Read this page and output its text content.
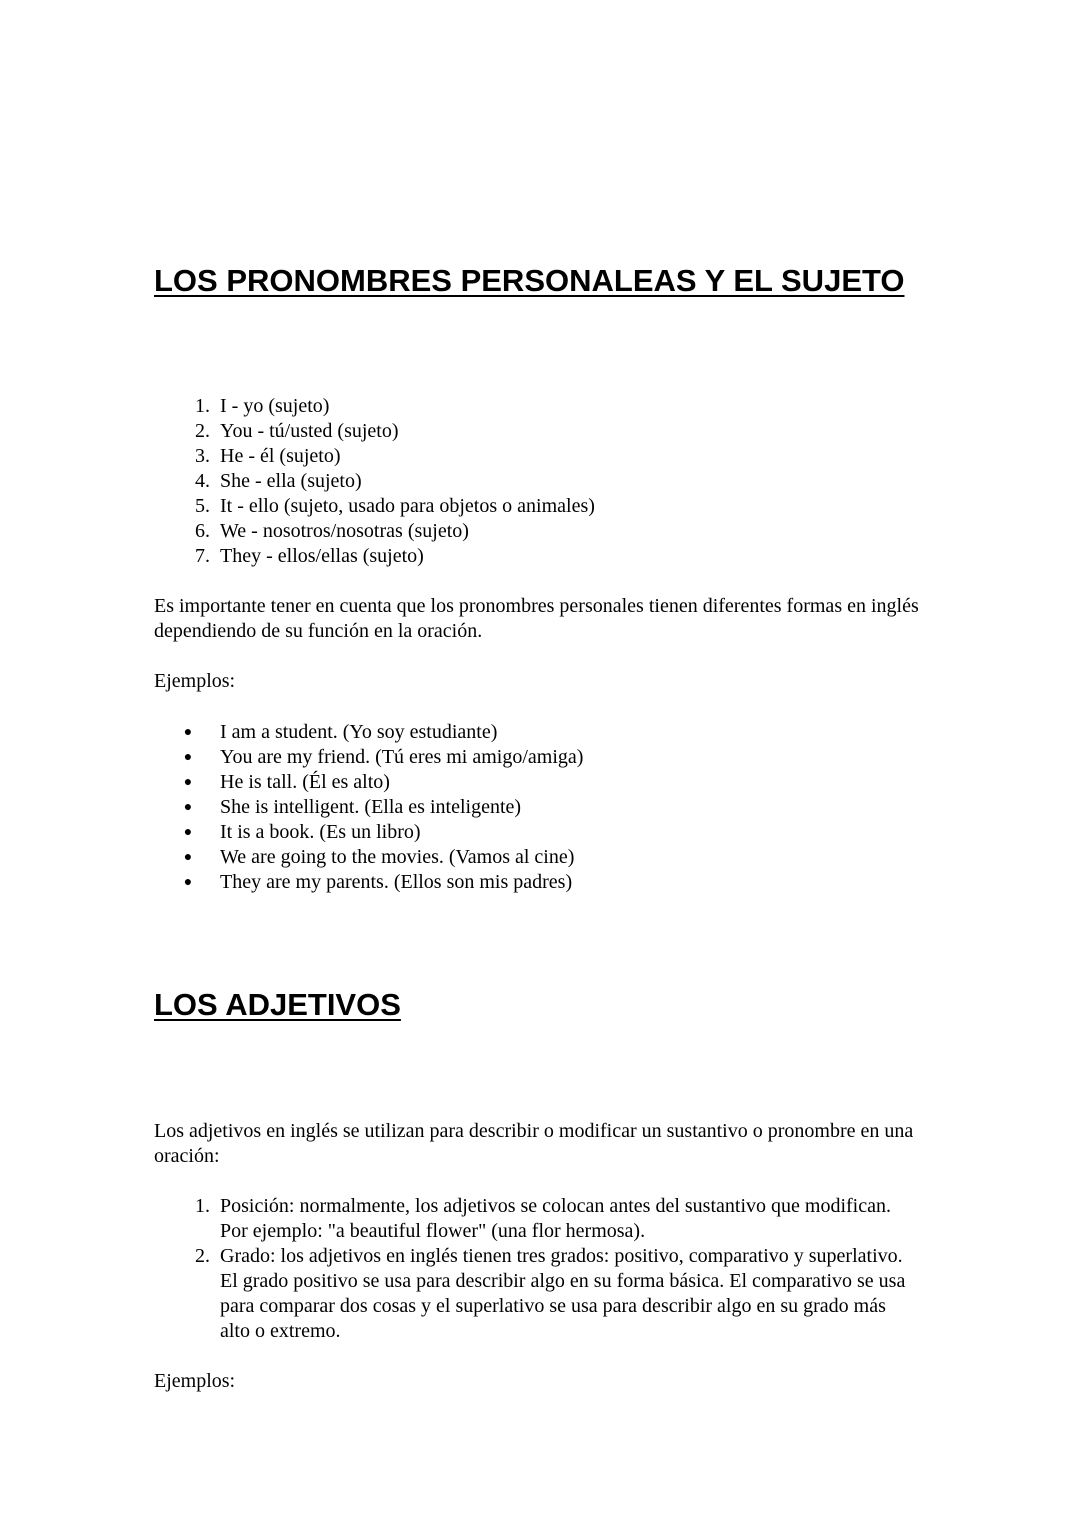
LOS PRONOMBRES PERSONALEAS Y EL SUJETO
1. I - yo (sujeto)
2. You - tú/usted (sujeto)
3. He - él (sujeto)
4. She - ella (sujeto)
5. It - ello (sujeto, usado para objetos o animales)
6. We - nosotros/nosotras (sujeto)
7. They - ellos/ellas (sujeto)

Es importante tener en cuenta que los pronombres personales tienen diferentes formas en inglés dependiendo de su función en la oración.

Ejemplos:

● I am a student. (Yo soy estudiante)
● You are my friend. (Tú eres mi amigo/amiga)
● He is tall. (Él es alto)
● She is intelligent. (Ella es inteligente)
● It is a book. (Es un libro)
● We are going to the movies. (Vamos al cine)
● They are my parents. (Ellos son mis padres)
LOS ADJETIVOS

Los adjetivos en inglés se utilizan para describir o modificar un sustantivo o pronombre en una oración:

1. Posición: normalmente, los adjetivos se colocan antes del sustantivo que modifican. Por ejemplo: "a beautiful flower" (una flor hermosa).
2. Grado: los adjetivos en inglés tienen tres grados: positivo, comparativo y superlativo. El grado positivo se usa para describir algo en su forma básica. El comparativo se usa para comparar dos cosas y el superlativo se usa para describir algo en su grado más alto o extremo.

Ejemplos:
